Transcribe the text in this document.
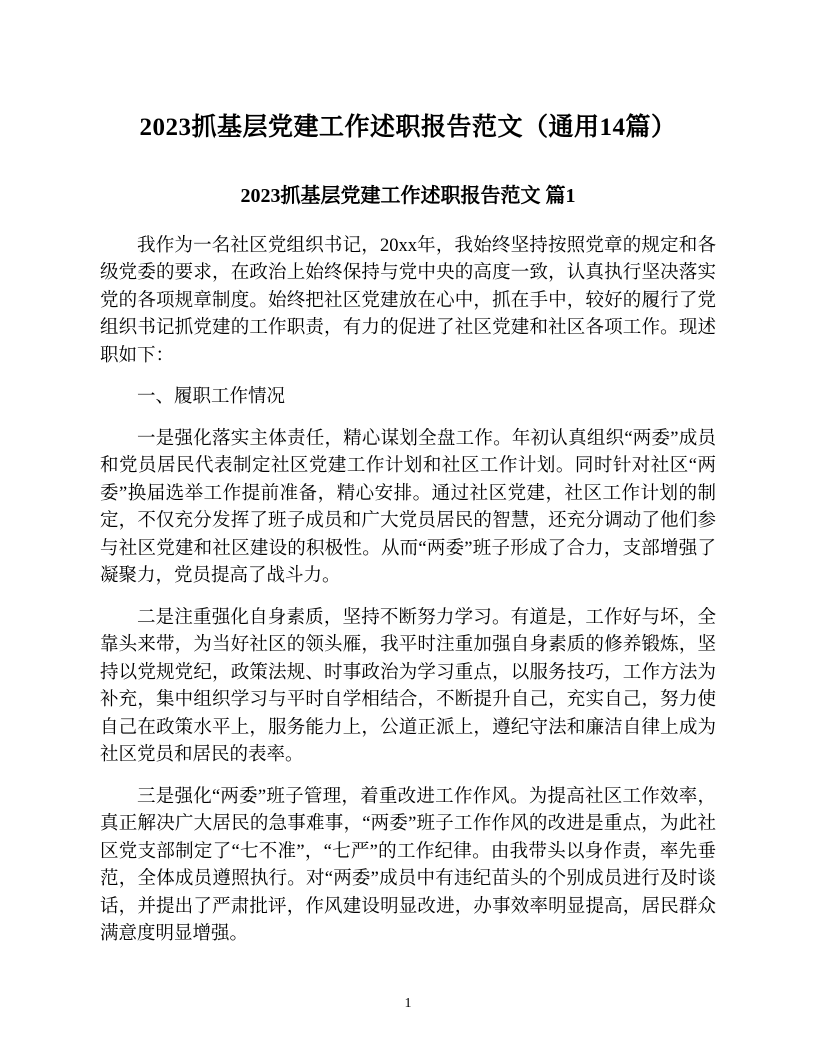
2023抓基层党建工作述职报告范文（通用14篇）
2023抓基层党建工作述职报告范文 篇1

我作为一名社区党组织书记，20xx年，我始终坚持按照党章的规定和各级党委的要求，在政治上始终保持与党中央的高度一致，认真执行坚决落实党的各项规章制度。始终把社区党建放在心中，抓在手中，较好的履行了党组织书记抓党建的工作职责，有力的促进了社区党建和社区各项工作。现述职如下：

一、履职工作情况

一是强化落实主体责任，精心谋划全盘工作。年初认真组织“两委”成员和党员居民代表制定社区党建工作计划和社区工作计划。同时针对社区“两委”换届选举工作提前准备，精心安排。通过社区党建，社区工作计划的制定，不仅充分发挥了班子成员和广大党员居民的智慧，还充分调动了他们参与社区党建和社区建设的积极性。从而“两委”班子形成了合力，支部增强了凝聚力，党员提高了战斗力。

二是注重强化自身素质，坚持不断努力学习。有道是，工作好与坏，全靠头来带，为当好社区的领头雁，我平时注重加强自身素质的修养锻炼，坚持以党规党纪，政策法规、时事政治为学习重点，以服务技巧，工作方法为补充，集中组织学习与平时自学相结合，不断提升自己，充实自己，努力使自己在政策水平上，服务能力上，公道正派上，遵纪守法和廉洁自律上成为社区党员和居民的表率。

三是强化“两委”班子管理，着重改进工作作风。为提高社区工作效率，真正解决广大居民的急事难事，“两委”班子工作作风的改进是重点，为此社区党支部制定了“七不准”，“七严”的工作纪律。由我带头以身作责，率先垂范，全体成员遵照执行。对“两委”成员中有违纪苗头的个别成员进行及时谈话，并提出了严肃批评，作风建设明显改进，办事效率明显提高，居民群众满意度明显增强。

1
